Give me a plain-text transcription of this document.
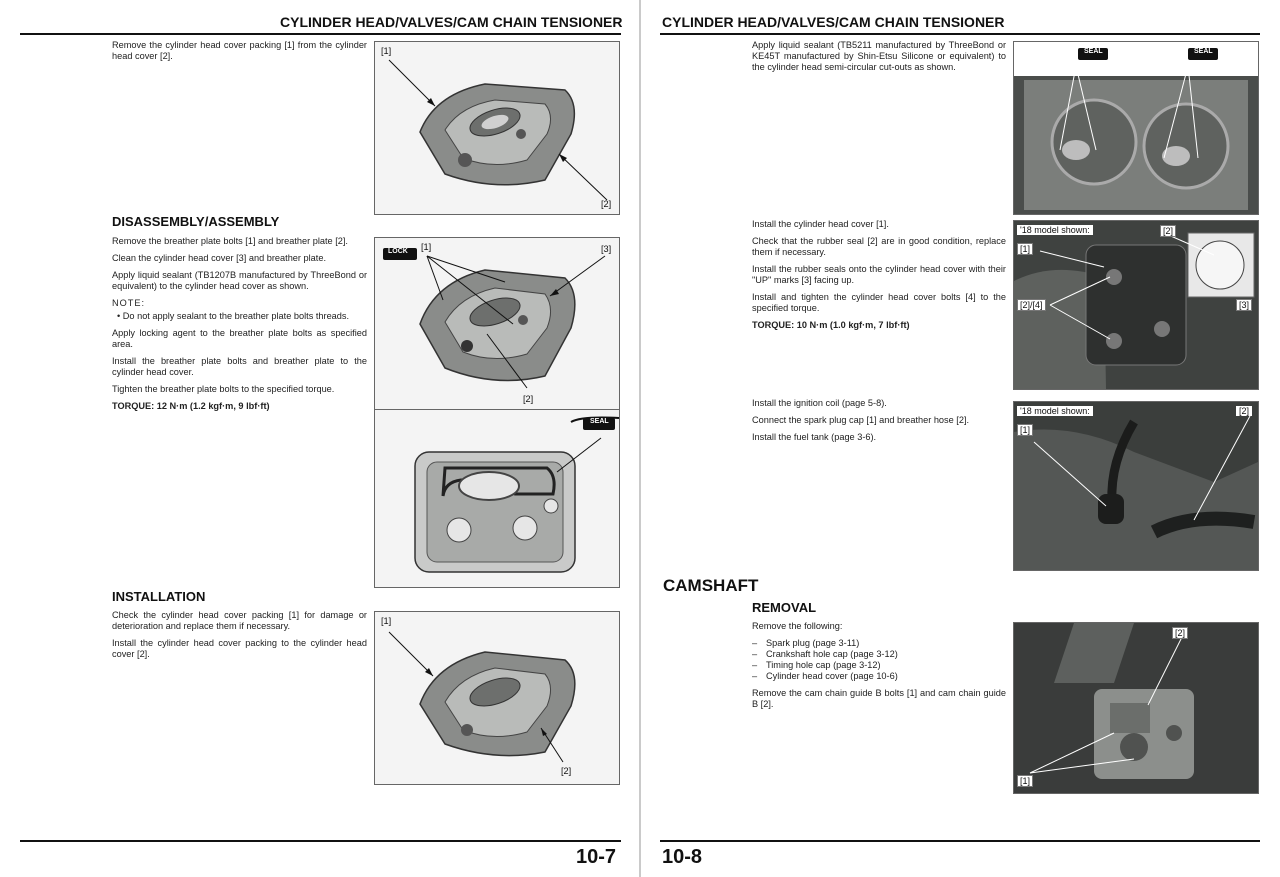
CYLINDER HEAD/VALVES/CAM CHAIN TENSIONER

Remove the cylinder head cover packing [1] from the cylinder head cover [2].	[1]
[2]
DISASSEMBLY/ASSEMBLY

Remove the breather plate bolts [1] and breather plate [2].

Clean the cylinder head cover [3] and breather plate.

Apply liquid sealant (TB1207B manufactured by ThreeBond or equivalent) to the cylinder head cover as shown.

NOTE:

• Do not apply sealant to the breather plate bolts threads.

Apply locking agent to the breather plate bolts as specified area.

Install the breather plate bolts and breather plate to the cylinder head cover.

Tighten the breather plate bolts to the specified torque.

TORQUE: 12 N·m (1.2 kgf·m, 9 lbf·ft)

LOCK [1]	[3]
[2]
SEAL
INSTALLATION

Check the cylinder head cover packing [1] for damage or deterioration and replace them if necessary.

Install the cylinder head cover packing to the cylinder head cover [2].

[1]
[2]
10-7
CYLINDER HEAD/VALVES/CAM CHAIN TENSIONER

Apply liquid sealant (TB5211 manufactured by ThreeBond or KE45T manufactured by Shin-Etsu Silicone or equivalent) to the cylinder head semi-circular cut-outs as shown.

SEAL	SEAL

Install the cylinder head cover [1].

Check that the rubber seal [2] are in good condition, replace them if necessary.

Install the rubber seals onto the cylinder head cover with their "UP" marks [3] facing up.

Install and tighten the cylinder head cover bolts [4] to the specified torque.

TORQUE: 10 N·m (1.0 kgf·m, 7 lbf·ft)

'18 model shown:
[1]
[2]
[2]/[4]	[3]

Install the ignition coil (page 5-8).

Connect the spark plug cap [1] and breather hose [2].

Install the fuel tank (page 3-6).

'18 model shown:
[1]
[2]
CAMSHAFT
REMOVAL

Remove the following:

– Spark plug (page 3-11)
– Crankshaft hole cap (page 3-12)
– Timing hole cap (page 3-12)
– Cylinder head cover (page 10-6)

Remove the cam chain guide B bolts [1] and cam chain guide B [2].

[2]
[1]
10-8
